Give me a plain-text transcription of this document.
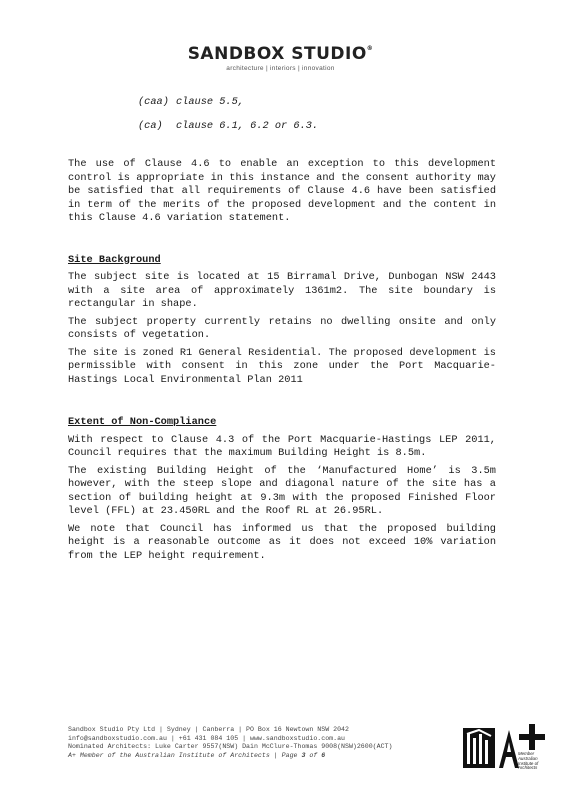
SANDBOX STUDIO®
architecture | interiors | innovation
(caa) clause 5.5,
(ca) clause 6.1, 6.2 or 6.3.

The use of Clause 4.6 to enable an exception to this development control is appropriate in this instance and the consent authority may be satisfied that all requirements of Clause 4.6 have been satisfied in term of the merits of the proposed development and the content in this Clause 4.6 variation statement.

Site Background

The subject site is located at 15 Birramal Drive, Dunbogan NSW 2443 with a site area of approximately 1361m2. The site boundary is rectangular in shape.

The subject property currently retains no dwelling onsite and only consists of vegetation.

The site is zoned R1 General Residential. The proposed development is permissible with consent in this zone under the Port Macquarie-Hastings Local Environmental Plan 2011

Extent of Non-Compliance

With respect to Clause 4.3 of the Port Macquarie-Hastings LEP 2011, Council requires that the maximum Building Height is 8.5m.

The existing Building Height of the ‘Manufactured Home’ is 3.5m however, with the steep slope and diagonal nature of the site has a section of building height at 9.3m with the proposed Finished Floor level (FFL) at 23.450RL and the Roof RL at 26.95RL.

We note that Council has informed us that the proposed building height is a reasonable outcome as it does not exceed 10% variation from the LEP height requirement.

Sandbox Studio Pty Ltd | Sydney | Canberra | PO Box 16 Newtown NSW 2042
info@sandboxstudio.com.au | +61 431 084 105 | www.sandboxstudio.com.au
Nominated Architects: Luke Carter 9557(NSW) Dain McClure-Thomas 9008(NSW)2600(ACT)
A+ Member of the Australian Institute of Architects | Page 3 of 6	Member
Australian
Institute of
Architects
